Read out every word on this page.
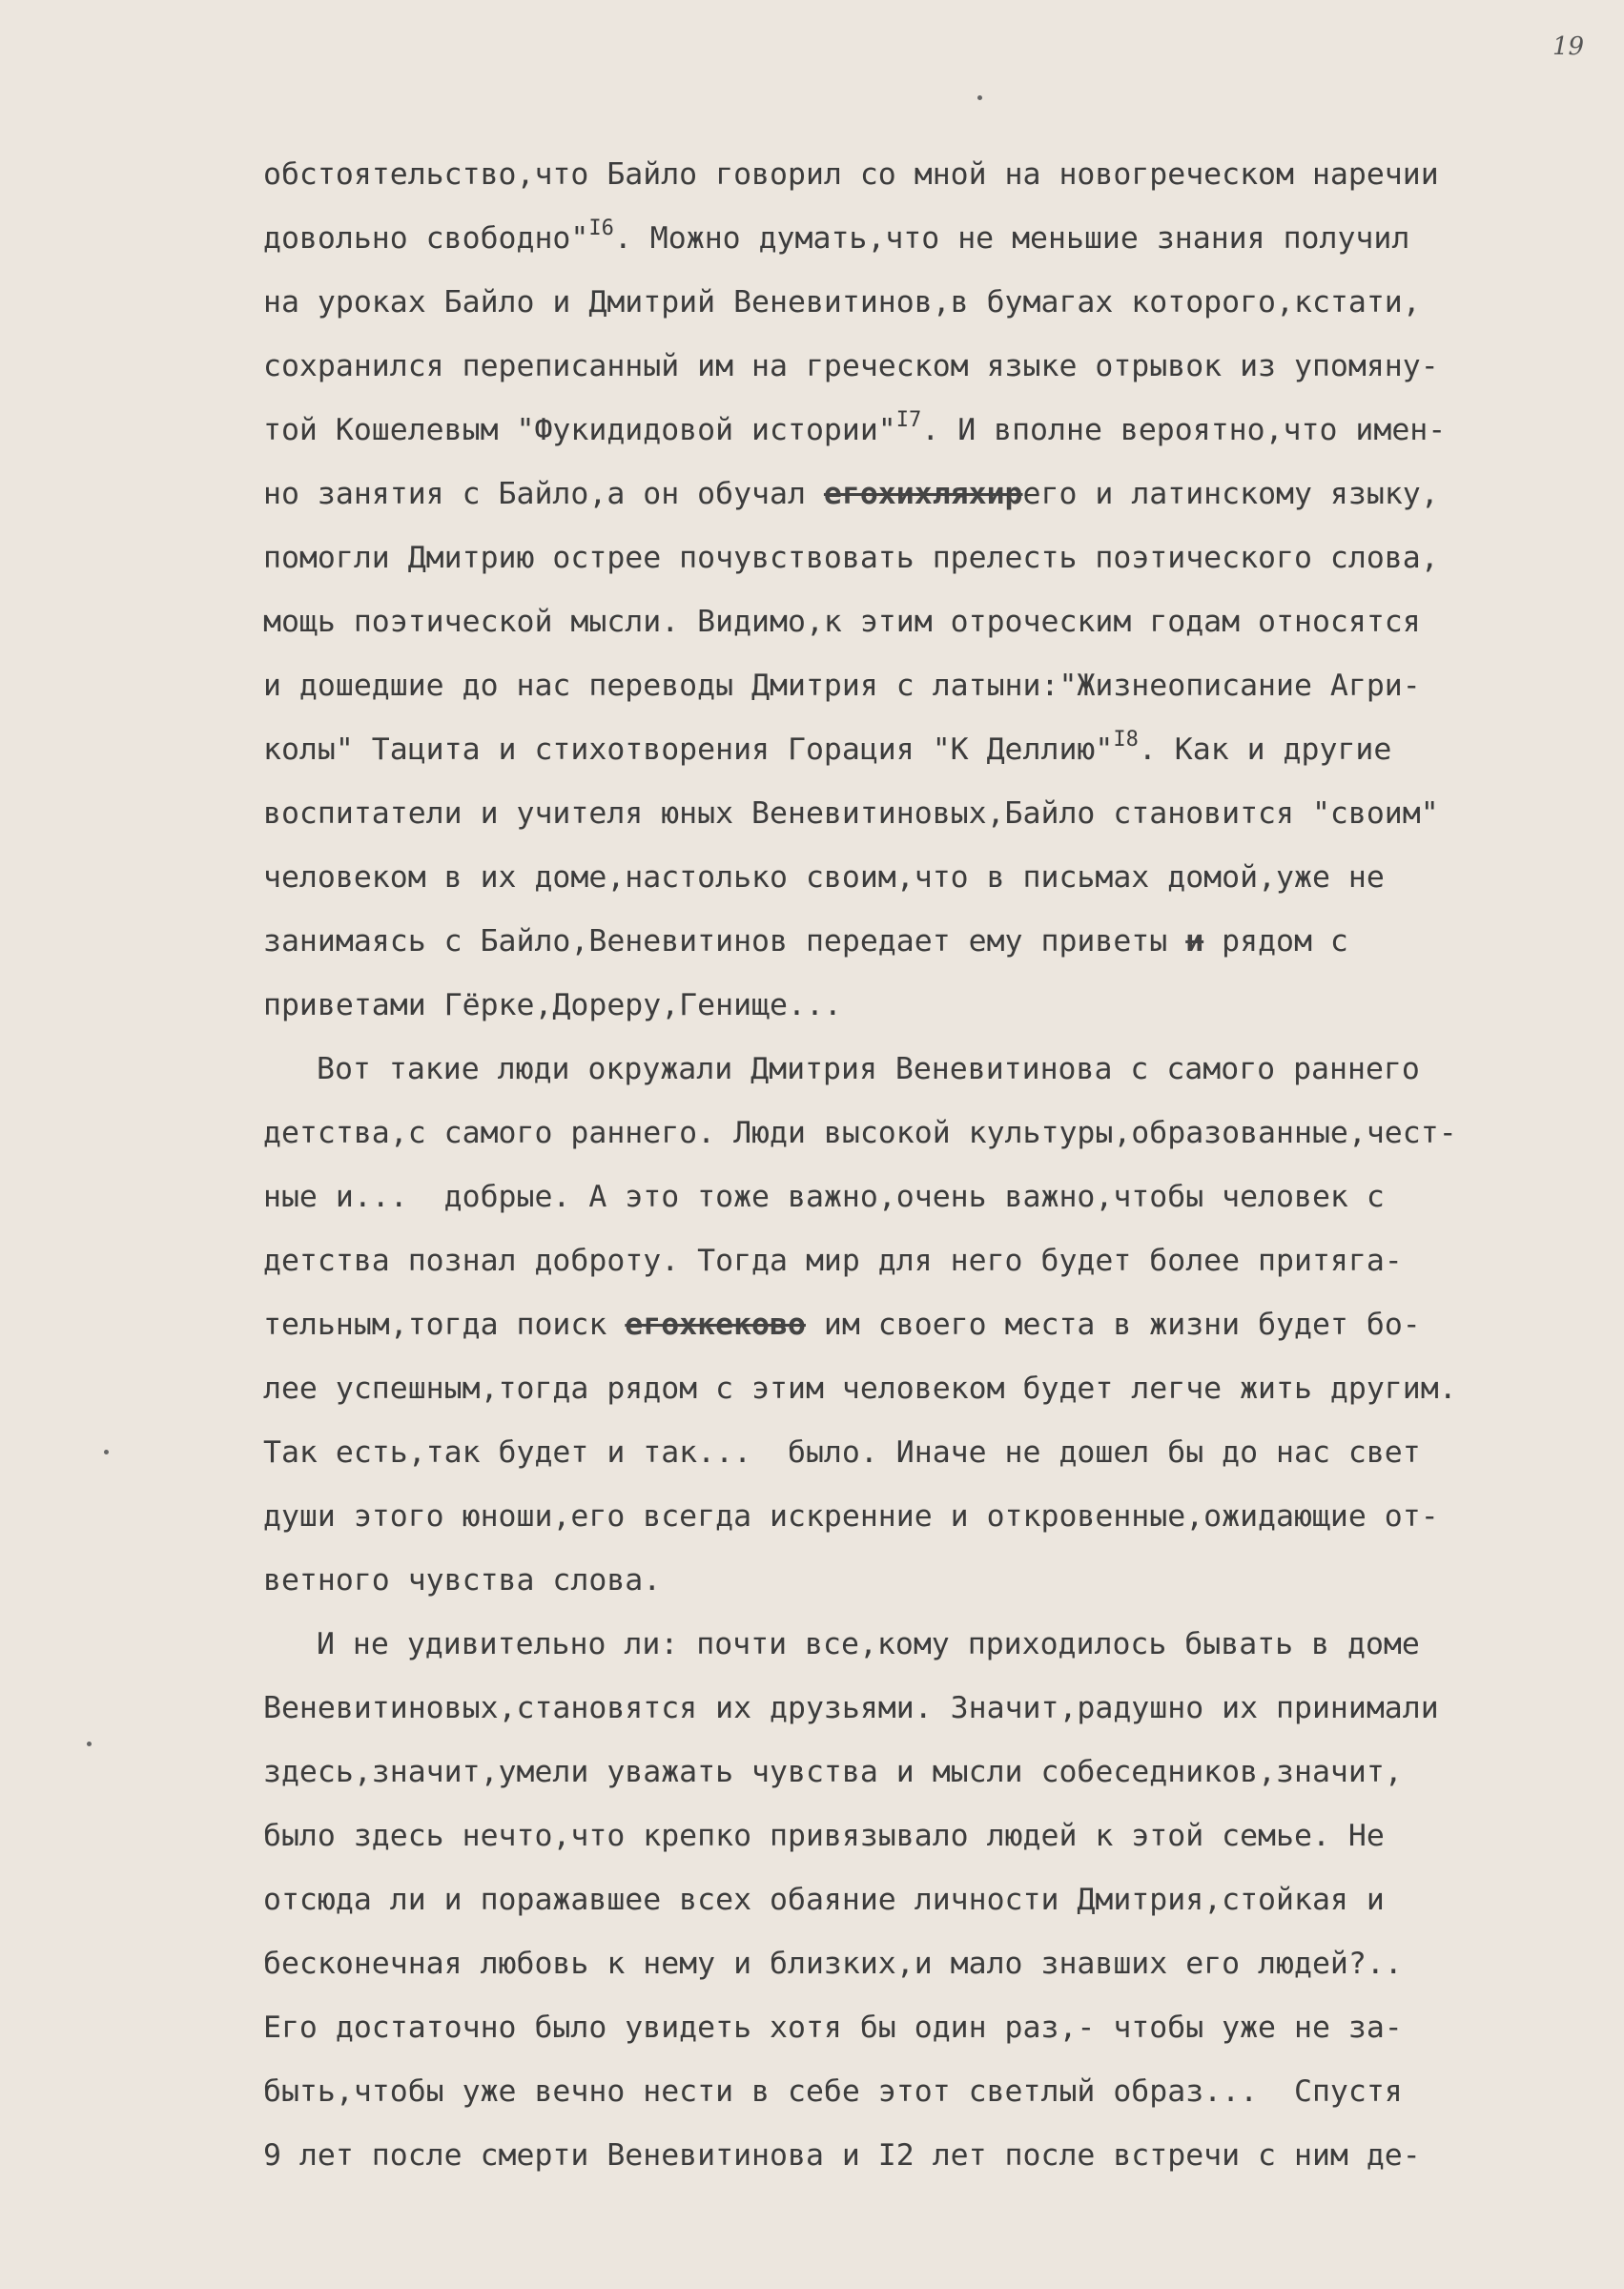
19
обстоятельство,что Байло говорил со мной на новогреческом наречии
довольно свободно"$^{I6}$. Можно думать,что не меньшие знания получил
на уроках Байло и Дмитрий Веневитинов,в бумагах которого,кстати,
сохранился переписанный им на греческом языке отрывок из упомяну-
той Кошелевым "Фукидидовой истории"$^{I7}$. И вполне вероятно,что имен-
но занятия с Байло,а он обучал егохихляхирего и латинскому языку,
помогли Дмитрию острее почувствовать прелесть поэтического слова,
мощь поэтической мысли. Видимо,к этим отроческим годам относятся
и дошедшие до нас переводы Дмитрия с латыни:"Жизнеописание Агри-
колы" Тацита и стихотворения Горация "К Деллию"$^{I8}$. Как и другие
воспитатели и учителя юных Веневитиновых,Байло становится "своим"
человеком в их доме,настолько своим,что в письмах домой,уже не
занимаясь с Байло,Веневитинов передает ему приветы и рядом с
приветами Гёрке,Дореру,Генище...
Вот такие люди окружали Дмитрия Веневитинова с самого раннего
детства,с самого раннего. Люди высокой культуры,образованные,чест-
ные и...  добрые. А это тоже важно,очень важно,чтобы человек с
детства познал доброту. Тогда мир для него будет более притяга-
тельным,тогда поиск егохкеково им своего места в жизни будет бо-
лее успешным,тогда рядом с этим человеком будет легче жить другим.
Так есть,так будет и так...  было. Иначе не дошел бы до нас свет
души этого юноши,его всегда искренние и откровенные,ожидающие от-
ветного чувства слова.
И не удивительно ли: почти все,кому приходилось бывать в доме
Веневитиновых,становятся их друзьями. Значит,радушно их принимали
здесь,значит,умели уважать чувства и мысли собеседников,значит,
было здесь нечто,что крепко привязывало людей к этой семье. Не
отсюда ли и поражавшее всех обаяние личности Дмитрия,стойкая и
бесконечная любовь к нему и близких,и мало знавших его людей?..
Его достаточно было увидеть хотя бы один раз,- чтобы уже не за-
быть,чтобы уже вечно нести в себе этот светлый образ...  Спустя
9 лет после смерти Веневитинова и I2 лет после встречи с ним де-
